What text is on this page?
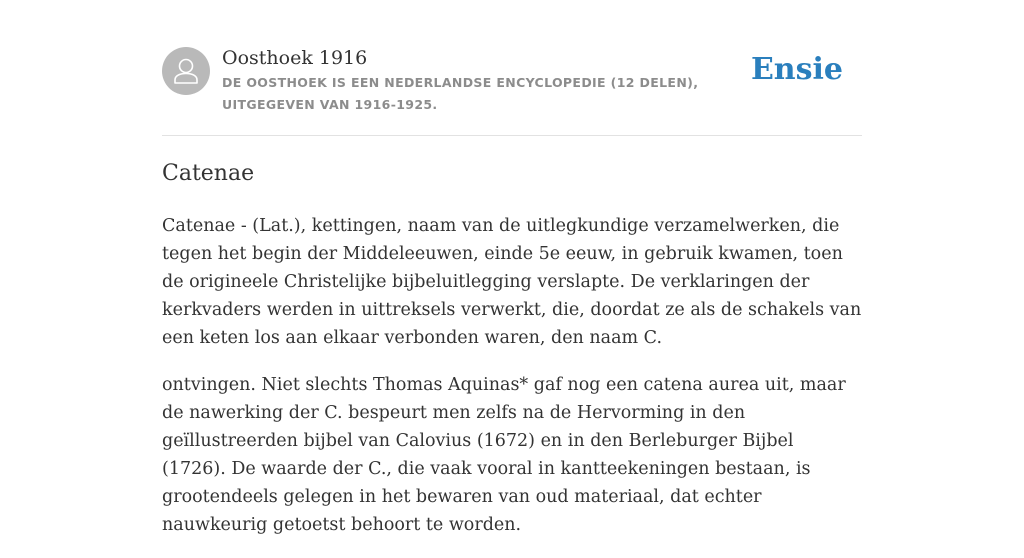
Oosthoek 1916

DE OOSTHOEK IS EEN NEDERLANDSE ENCYCLOPEDIE (12 DELEN), UITGEGEVEN VAN 1916-1925.

Ensie
Catenae

Catenae - (Lat.), kettingen, naam van de uitlegkundige verzamelwerken, die tegen het begin der Middeleeuwen, einde 5e eeuw, in gebruik kwamen, toen de origineele Christelijke bijbeluitlegging verslapte. De verklaringen der kerkvaders werden in uittreksels verwerkt, die, doordat ze als de schakels van een keten los aan elkaar verbonden waren, den naam C.

ontvingen. Niet slechts Thomas Aquinas* gaf nog een catena aurea uit, maar de nawerking der C. bespeurt men zelfs na de Hervorming in den geïllustreerden bijbel van Calovius (1672) en in den Berleburger Bijbel (1726). De waarde der C., die vaak vooral in kantteekeningen bestaan, is grootendeels gelegen in het bewaren van oud materiaal, dat echter nauwkeurig getoetst behoort te worden.
